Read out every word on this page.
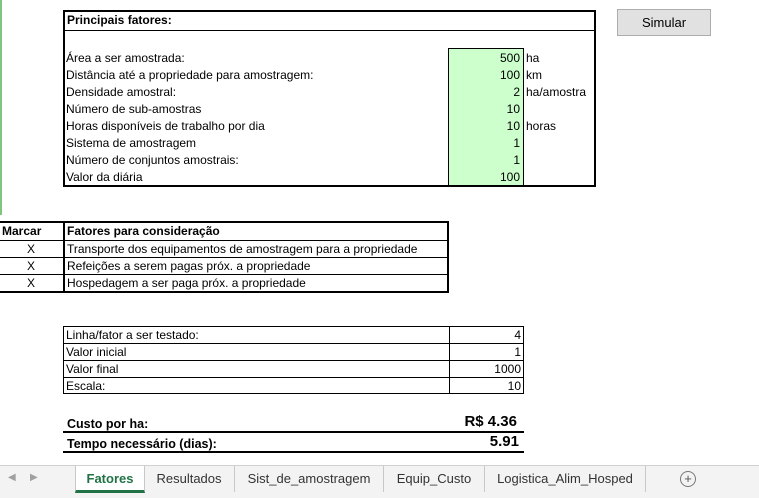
Principais fatores:
Área a ser amostrada:	500 ha
Distância até a propriedade para amostragem:	100 km
Densidade amostral:	2 ha/amostra
Número de sub-amostras	10
Horas disponíveis de trabalho por dia	10 horas
Sistema de amostragem	1
Número de conjuntos amostrais:	1
Valor da diária	100
Simular
Marcar Fatores para consideração
X	Transporte dos equipamentos de amostragem para a propriedade
X	Refeições a serem pagas próx. a propriedade
X	Hospedagem a ser paga próx. a propriedade
Linha/fator a ser testado:	4
Valor inicial	1
Valor final	1000
Escala:	10
Custo por ha:	R$ 4.36
Tempo necessário (dias):	5.91
◀ ▶	Fatores	Resultados	Sist_de_amostragem	Equip_Custo	Logistica_Alim_Hosped	+
